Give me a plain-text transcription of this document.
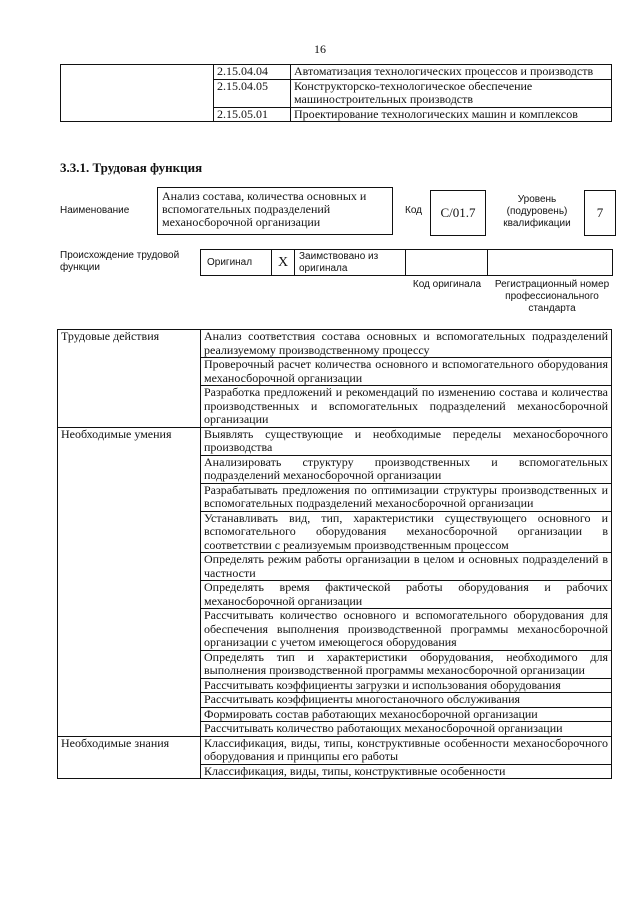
16
	2.15.04.04	Автоматизация технологических процессов и производств
	2.15.04.05	Конструкторско-технологическое обеспечение машиностроительных производств
	2.15.05.01	Проектирование технологических машин и комплексов
3.3.1. Трудовая функция
Наименование
Анализ состава, количества основных и вспомогательных подразделений механосборочной организации
Код	C/01.7
Уровень (подуровень) квалификации
7
Происхождение трудовой функции	Оригинал	X	Заимствовано из оригинала
Код оригинала	Регистрационный номер профессионального стандарта
Трудовые действия	Анализ соответствия состава основных и вспомогательных подразделений реализуемому производственному процессу
	Проверочный расчет количества основного и вспомогательного оборудования механосборочной организации
	Разработка предложений и рекомендаций по изменению состава и количества производственных и вспомогательных подразделений механосборочной организации
Необходимые умения	Выявлять существующие и необходимые переделы механосборочного производства
	Анализировать структуру производственных и вспомогательных подразделений механосборочной организации
	Разрабатывать предложения по оптимизации структуры производственных и вспомогательных подразделений механосборочной организации
	Устанавливать вид, тип, характеристики существующего основного и вспомогательного оборудования механосборочной организации в соответствии с реализуемым производственным процессом
	Определять режим работы организации в целом и основных подразделений в частности
	Определять время фактической работы оборудования и рабочих механосборочной организации
	Рассчитывать количество основного и вспомогательного оборудования для обеспечения выполнения производственной программы механосборочной организации с учетом имеющегося оборудования
	Определять тип и характеристики оборудования, необходимого для выполнения производственной программы механосборочной организации
	Рассчитывать коэффициенты загрузки и использования оборудования
	Рассчитывать коэффициенты многостаночного обслуживания
	Формировать состав работающих механосборочной организации
	Рассчитывать количество работающих механосборочной организации
Необходимые знания	Классификация, виды, типы, конструктивные особенности механосборочного оборудования и принципы его работы
	Классификация, виды, типы, конструктивные особенности
